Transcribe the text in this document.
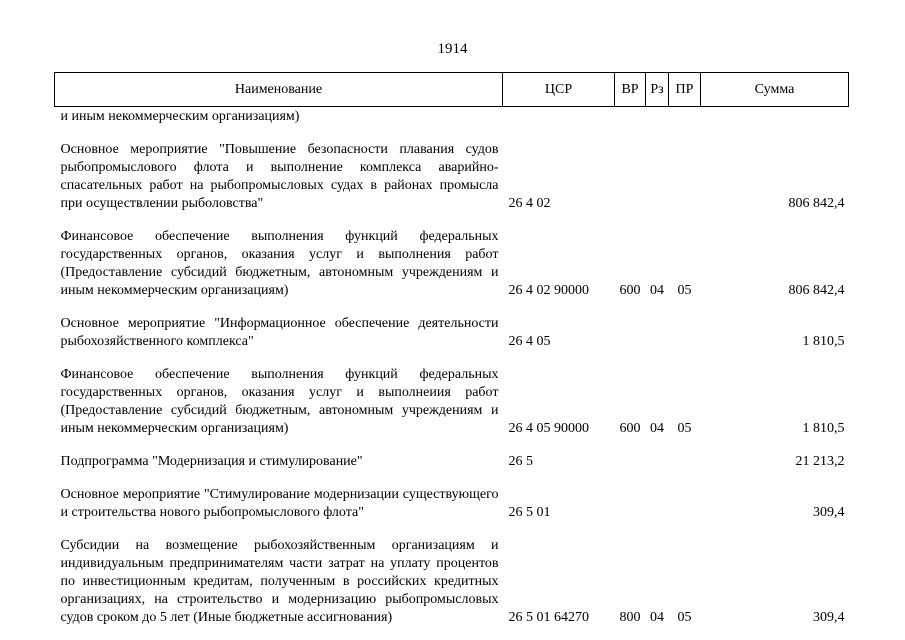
1914
Наименование	ЦСР	ВР	Рз	ПР	Сумма
и иным некоммерческим организациям)					

Основное мероприятие "Повышение безопасности плавания судов рыбопромыслового флота и выполнение комплекса аварийно-спасательных работ на рыбопромысловых судах в районах промысла при осуществлении рыболовства"	26 4 02				806 842,4

Финансовое обеспечение выполнения функций федеральных государственных органов, оказания услуг и выполнения работ (Предоставление субсидий бюджетным, автономным учреждениям и иным некоммерческим организациям)	26 4 02 90000	600	04	05	806 842,4

Основное мероприятие "Информационное обеспечение деятельности рыбохозяйственного комплекса"	26 4 05				1 810,5

Финансовое обеспечение выполнения функций федеральных государственных органов, оказания услуг и выполнеиия работ (Предоставление субсидий бюджетным, автономным учреждениям и иным некоммерческим организациям)	26 4 05 90000	600	04	05	1 810,5

Подпрограмма "Модернизация и стимулирование"	26 5				21 213,2

Основное мероприятие "Стимулирование модернизации существующего и строительства нового рыбопромыслового флота"	26 5 01				309,4

Субсидии на возмещение рыбохозяйственным организациям и индивидуальным предпринимателям части затрат на уплату процентов по инвестиционным кредитам, полученным в российских кредитных организациях, на строительство и модернизацию рыбопромысловых судов сроком до 5 лет (Иные бюджетные ассигнования)	26 5 01 64270	800	04	05	309,4
